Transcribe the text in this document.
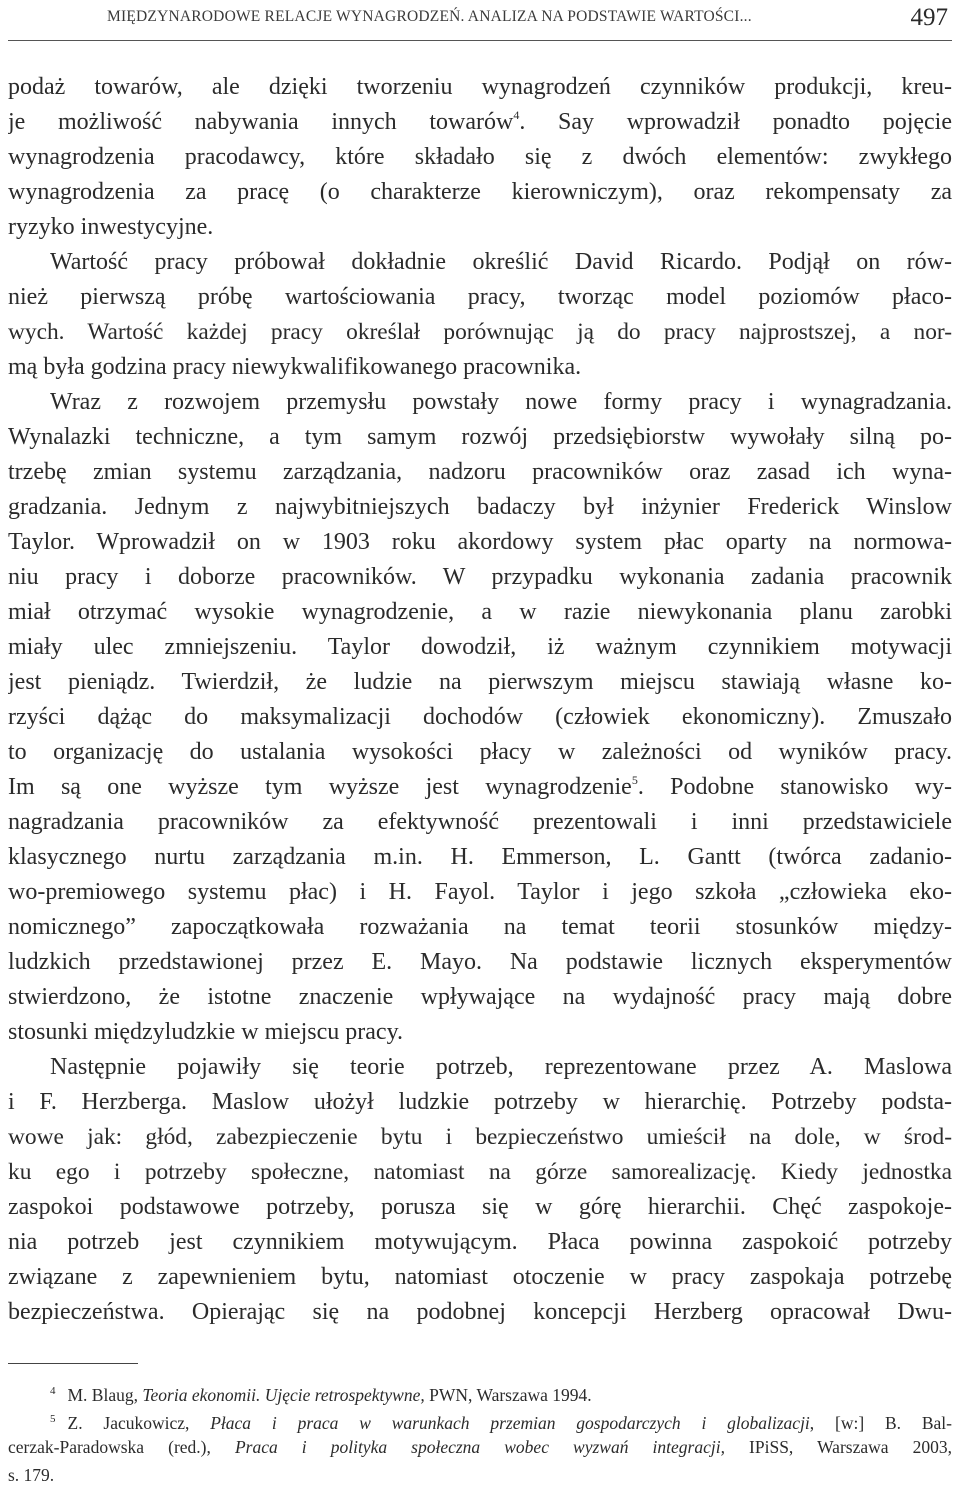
MIĘDZYNARODOWE RELACJE WYNAGRODZEŃ. ANALIZA NA PODSTAWIE WARTOŚCI...	497
podaż towarów, ale dzięki tworzeniu wynagrodzeń czynników produkcji, kreu-
je możliwość nabywania innych towarów$^4$. Say wprowadził ponadto pojęcie
wynagrodzenia pracodawcy, które składało się z dwóch elementów: zwykłego
wynagrodzenia za pracę (o charakterze kierowniczym), oraz rekompensaty za
ryzyko inwestycyjne.
Wartość pracy próbował dokładnie określić David Ricardo. Podjął on rów-
nież pierwszą próbę wartościowania pracy, tworząc model poziomów płaco-
wych. Wartość każdej pracy określał porównując ją do pracy najprostszej, a nor-
mą była godzina pracy niewykwalifikowanego pracownika.
Wraz z rozwojem przemysłu powstały nowe formy pracy i wynagradzania.
Wynalazki techniczne, a tym samym rozwój przedsiębiorstw wywołały silną po-
trzebę zmian systemu zarządzania, nadzoru pracowników oraz zasad ich wyna-
gradzania. Jednym z najwybitniejszych badaczy był inżynier Frederick Winslow
Taylor. Wprowadził on w 1903 roku akordowy system płac oparty na normowa-
niu pracy i doborze pracowników. W przypadku wykonania zadania pracownik
miał otrzymać wysokie wynagrodzenie, a w razie niewykonania planu zarobki
miały ulec zmniejszeniu. Taylor dowodził, iż ważnym czynnikiem motywacji
jest pieniądz. Twierdził, że ludzie na pierwszym miejscu stawiają własne ko-
rzyści dążąc do maksymalizacji dochodów (człowiek ekonomiczny). Zmuszało
to organizację do ustalania wysokości płacy w zależności od wyników pracy.
Im są one wyższe tym wyższe jest wynagrodzenie$^5$. Podobne stanowisko wy-
nagradzania pracowników za efektywność prezentowali i inni przedstawiciele
klasycznego nurtu zarządzania m.in. H. Emmerson, L. Gantt (twórca zadanio-
wo-premiowego systemu płac) i H. Fayol. Taylor i jego szkoła „człowieka eko-
nomicznego” zapoczątkowała rozważania na temat teorii stosunków między-
ludzkich przedstawionej przez E. Mayo. Na podstawie licznych eksperymentów
stwierdzono, że istotne znaczenie wpływające na wydajność pracy mają dobre
stosunki międzyludzkie w miejscu pracy.
Następnie pojawiły się teorie potrzeb, reprezentowane przez A. Maslowa
i F. Herzberga. Maslow ułożył ludzkie potrzeby w hierarchię. Potrzeby podsta-
wowe jak: głód, zabezpieczenie bytu i bezpieczeństwo umieścił na dole, w środ-
ku ego i potrzeby społeczne, natomiast na górze samorealizację. Kiedy jednostka
zaspokoi podstawowe potrzeby, porusza się w górę hierarchii. Chęć zaspokoje-
nia potrzeb jest czynnikiem motywującym. Płaca powinna zaspokoić potrzeby
związane z zapewnieniem bytu, natomiast otoczenie w pracy zaspokaja potrzebę
bezpieczeństwa. Opierając się na podobnej koncepcji Herzberg opracował Dwu-
$^4$ M. Blaug, Teoria ekonomii. Ujęcie retrospektywne, PWN, Warszawa 1994.
$^5$ Z. Jacukowicz, Płaca i praca w warunkach przemian gospodarczych i globalizacji, [w:] B. Bal-
cerzak-Paradowska (red.), Praca i polityka społeczna wobec wyzwań integracji, IPiSS, Warszawa 2003,
s. 179.
